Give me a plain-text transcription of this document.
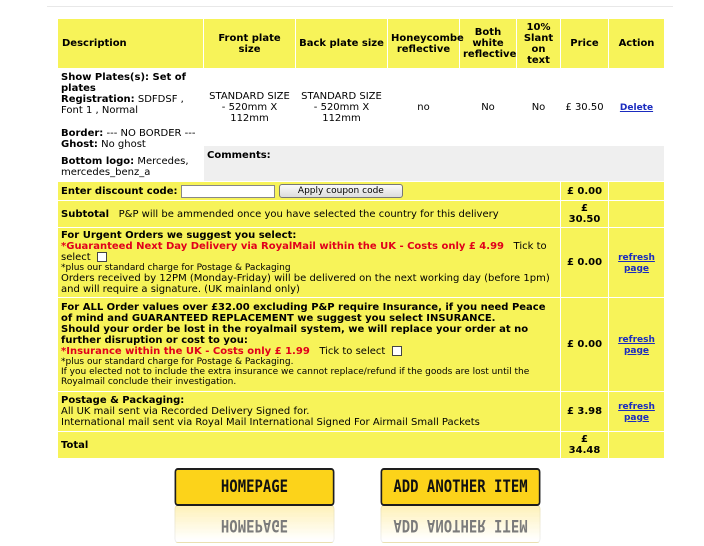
Description	Front plate size	Back plate size	Honeycombe reflective	Both white reflective	10% Slant on text	Price	Action

Show Plates(s): Set of plates
Registration: SDFDSF , Font 1 , Normal
Border: --- NO BORDER ---
Ghost: No ghost
Bottom logo: Mercedes, mercedes_benz_a	STANDARD SIZE - 520mm X 112mm	STANDARD SIZE - 520mm X 112mm	no	No	No	£ 30.50	Delete
	Comments:						
Enter discount code: Apply coupon code						£ 0.00	
Subtotal P&P will be ammended once you have selected the country for this delivery						£ 30.50	

For Urgent Orders we suggest you select:
*Guaranteed Next Day Delivery via RoyalMail within the UK - Costs only £ 4.99 Tick to select
*plus our standard charge for Postage & Packaging
Orders received by 12PM (Monday-Friday) will be delivered on the next working day (before 1pm) and will require a signature. (UK mainland only)						£ 0.00	refresh page

For ALL Order values over £32.00 excluding P&P require Insurance, if you need Peace of mind and GUARANTEED REPLACEMENT we suggest you select INSURANCE.
Should your order be lost in the royalmail system, we will replace your order at no further disruption or cost to you:
*Insurance within the UK - Costs only £ 1.99 Tick to select
*plus our standard charge for Postage & Packaging.
If you elected not to include the extra insurance we cannot replace/refund if the goods are lost until the Royalmail conclude their investigation.						£ 0.00	refresh page

Postage & Packaging:
All UK mail sent via Recorded Delivery Signed for.
International mail sent via Royal Mail International Signed For Airmail Small Packets						£ 3.98	refresh page
Total						£ 34.48	
HOMEPAGE
HOMEPAGE
ADD ANOTHER ITEM
ADD ANOTHER ITEM
